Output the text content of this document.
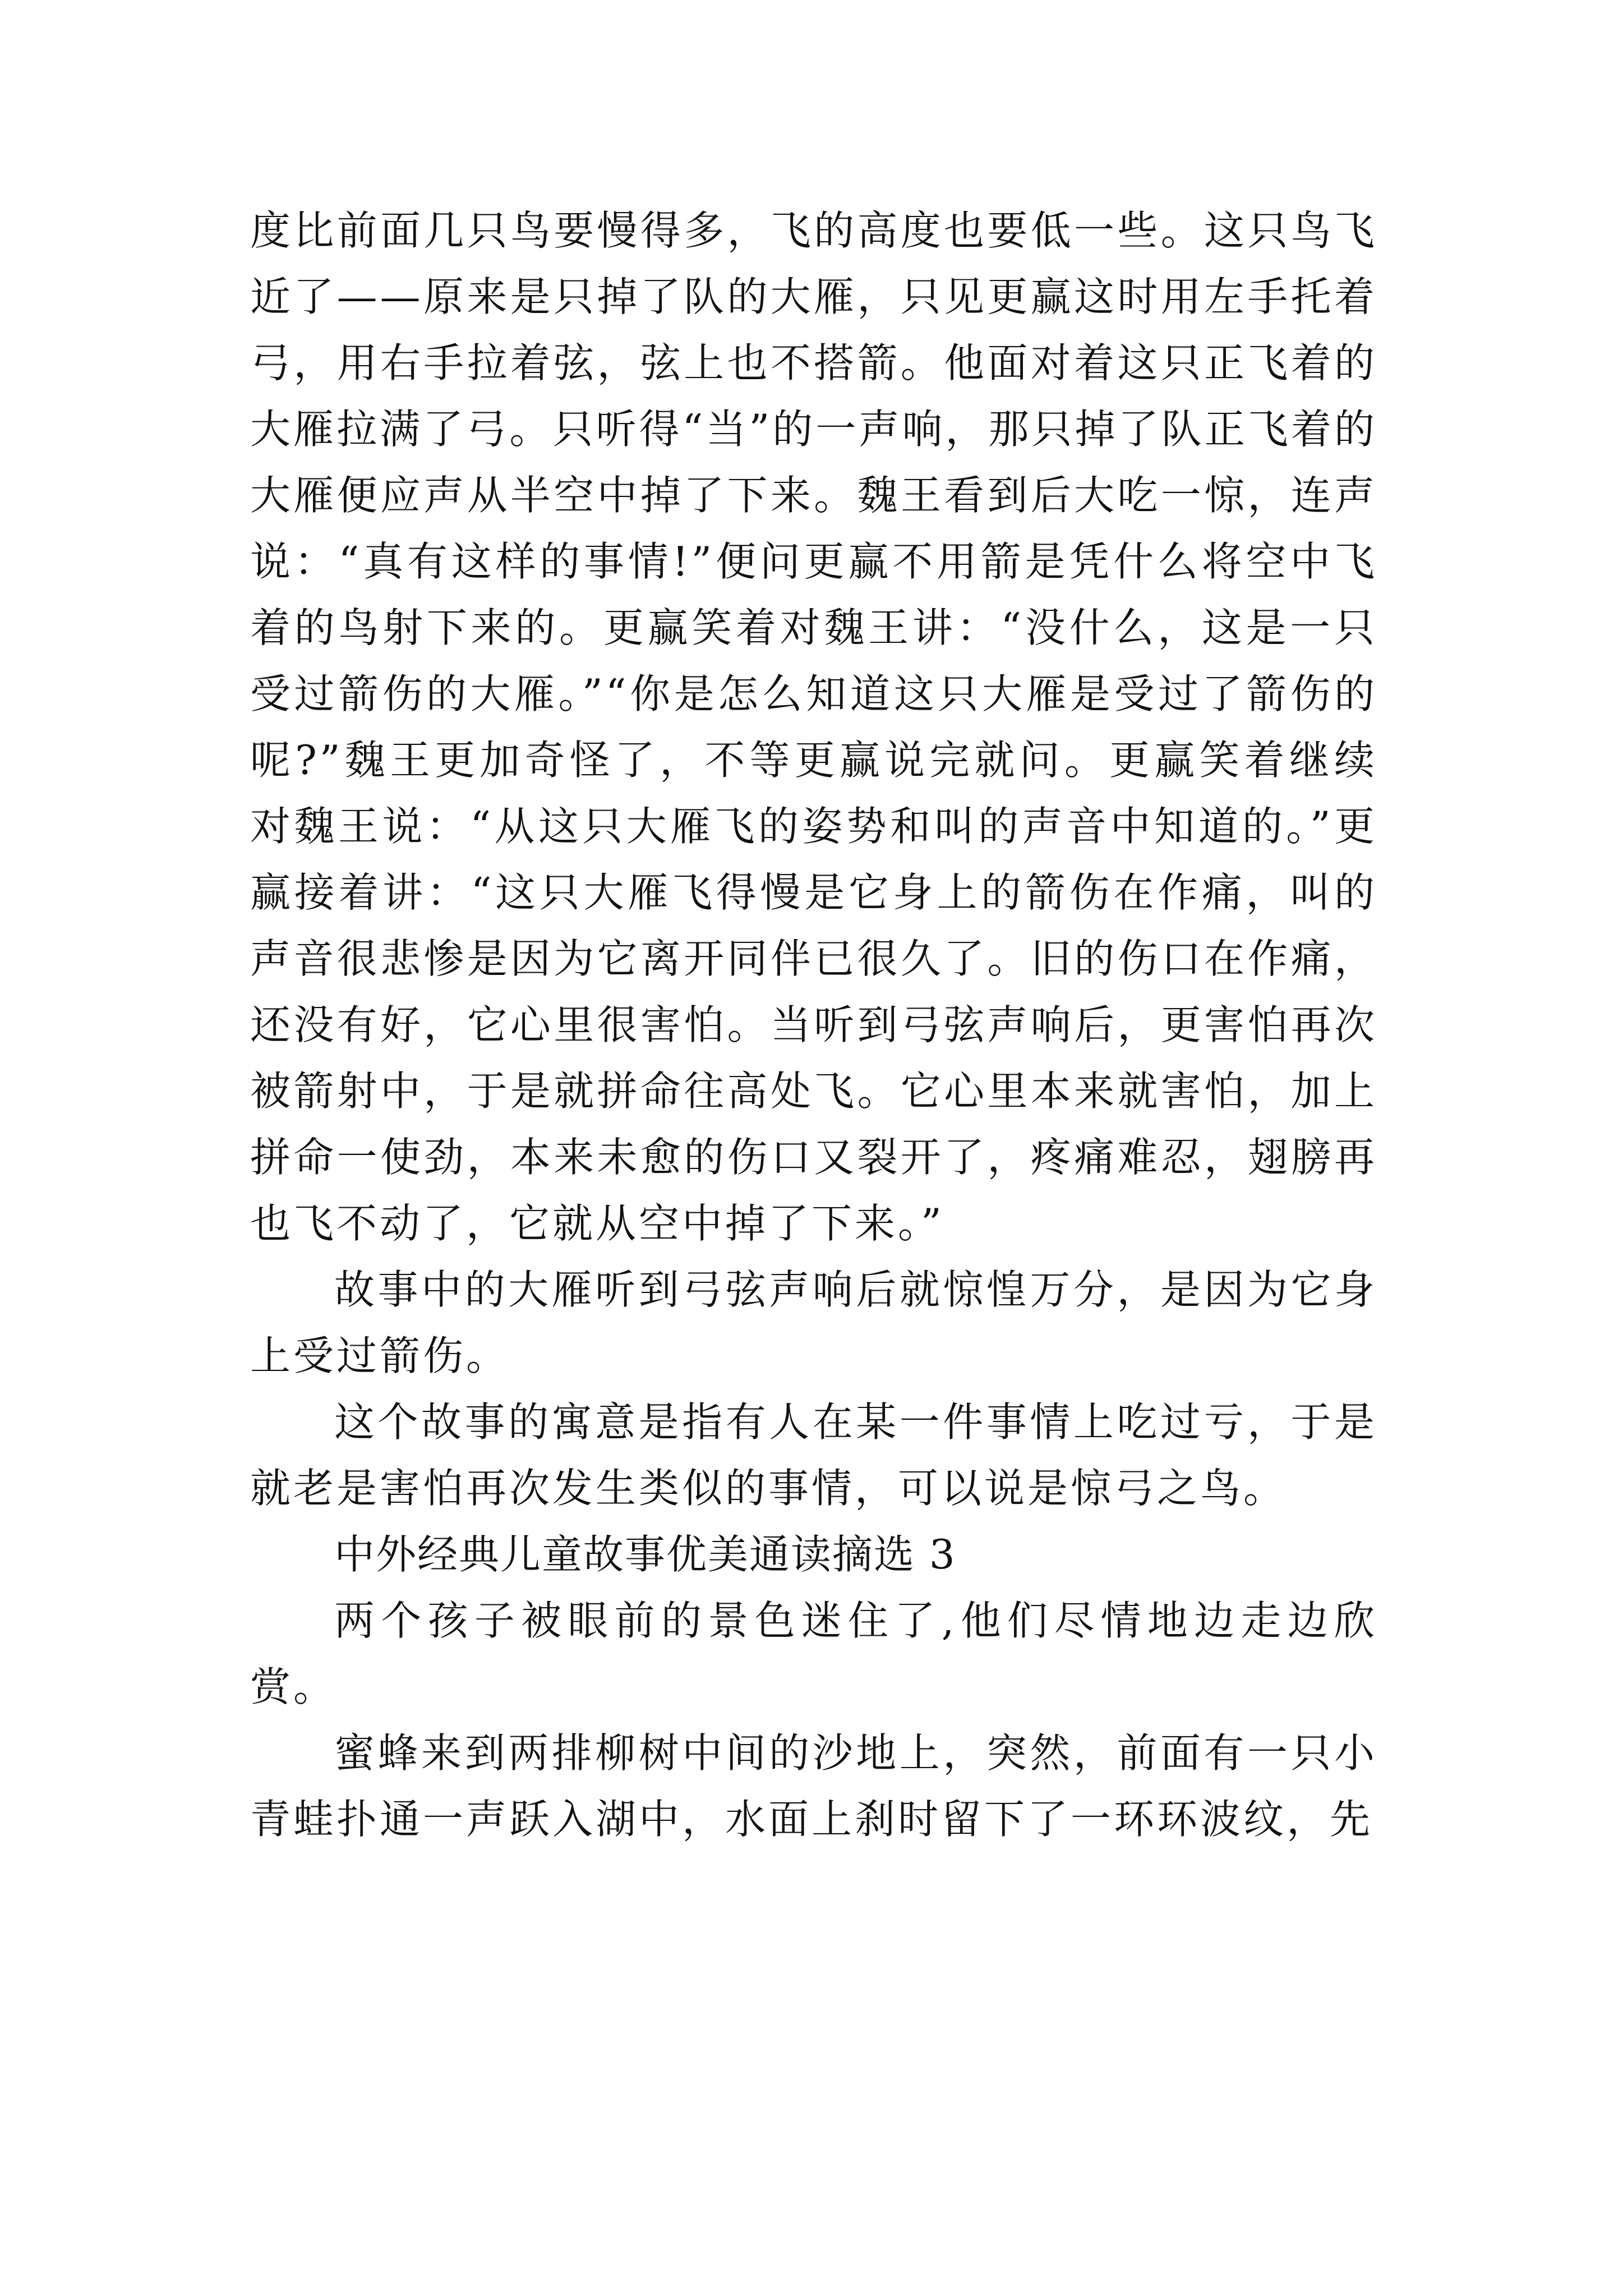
度比前面几只鸟要慢得多，飞的高度也要低一些。这只鸟飞近了——原来是只掉了队的大雁，只见更赢这时用左手托着弓，用右手拉着弦，弦上也不搭箭。他面对着这只正飞着的大雁拉满了弓。只听得“当”的一声响，那只掉了队正飞着的大雁便应声从半空中掉了下来。魏王看到后大吃一惊，连声说：“真有这样的事情!”便问更赢不用箭是凭什么将空中飞着的鸟射下来的。更赢笑着对魏王讲：“没什么，这是一只受过箭伤的大雁。”“你是怎么知道这只大雁是受过了箭伤的呢?”魏王更加奇怪了，不等更赢说完就问。更赢笑着继续对魏王说：“从这只大雁飞的姿势和叫的声音中知道的。”更赢接着讲：“这只大雁飞得慢是它身上的箭伤在作痛，叫的声音很悲惨是因为它离开同伴已很久了。旧的伤口在作痛，还没有好，它心里很害怕。当听到弓弦声响后，更害怕再次被箭射中，于是就拼命往高处飞。它心里本来就害怕，加上拼命一使劲，本来未愈的伤口又裂开了，疼痛难忍，翅膀再也飞不动了，它就从空中掉了下来。”

故事中的大雁听到弓弦声响后就惊惶万分，是因为它身上受过箭伤。

这个故事的寓意是指有人在某一件事情上吃过亏，于是就老是害怕再次发生类似的事情，可以说是惊弓之鸟。

中外经典儿童故事优美通读摘选 3

两个孩子被眼前的景色迷住了,他们尽情地边走边欣赏。

蜜蜂来到两排柳树中间的沙地上，突然，前面有一只小青蛙扑通一声跃入湖中，水面上刹时留下了一环环波纹，先
